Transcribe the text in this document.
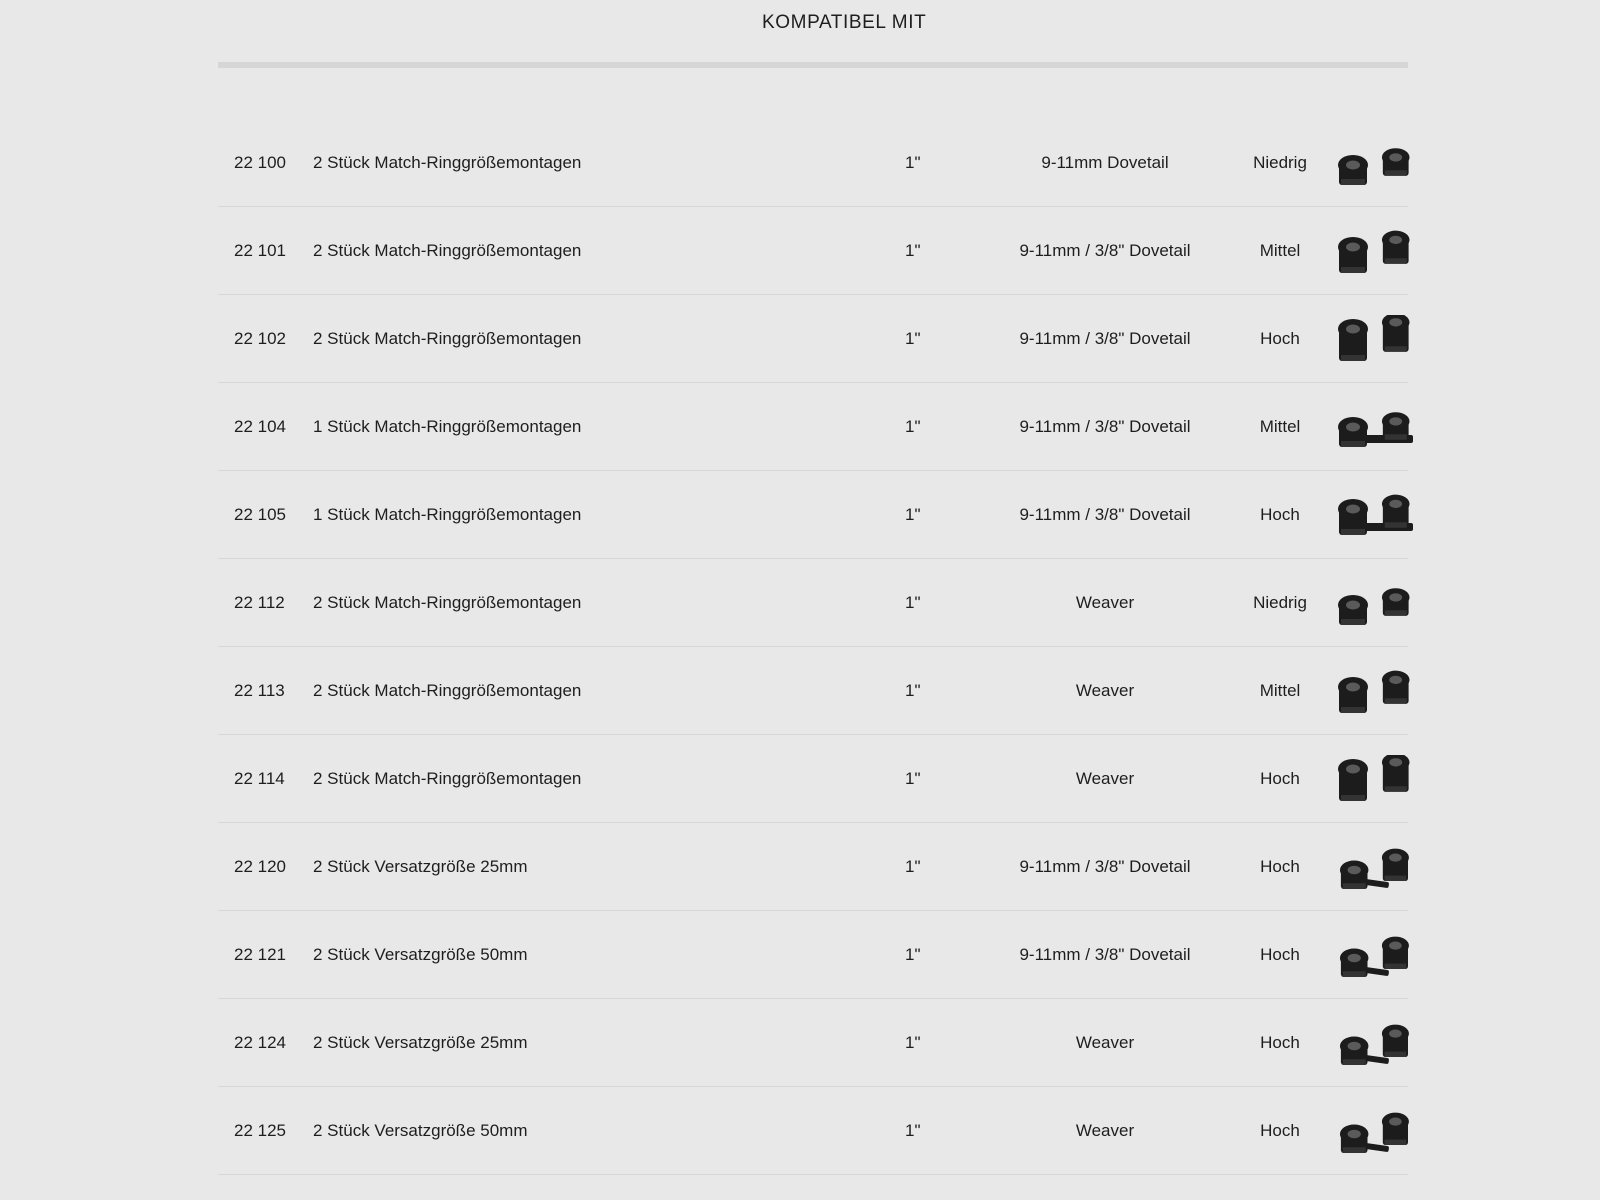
KOMPATIBEL MIT
22 100	2 Stück Match-Ringgrößemontagen	1"	9-11mm Dovetail	Niedrig
22 101	2 Stück Match-Ringgrößemontagen	1"	9-11mm / 3/8" Dovetail	Mittel
22 102	2 Stück Match-Ringgrößemontagen	1"	9-11mm / 3/8" Dovetail	Hoch
22 104	1 Stück Match-Ringgrößemontagen	1"	9-11mm / 3/8" Dovetail	Mittel
22 105	1 Stück Match-Ringgrößemontagen	1"	9-11mm / 3/8" Dovetail	Hoch
22 112	2 Stück Match-Ringgrößemontagen	1"	Weaver	Niedrig
22 113	2 Stück Match-Ringgrößemontagen	1"	Weaver	Mittel
22 114	2 Stück Match-Ringgrößemontagen	1"	Weaver	Hoch
22 120	2 Stück Versatzgröße 25mm	1"	9-11mm / 3/8" Dovetail	Hoch
22 121	2 Stück Versatzgröße 50mm	1"	9-11mm / 3/8" Dovetail	Hoch
22 124	2 Stück Versatzgröße 25mm	1"	Weaver	Hoch
22 125	2 Stück Versatzgröße 50mm	1"	Weaver	Hoch
